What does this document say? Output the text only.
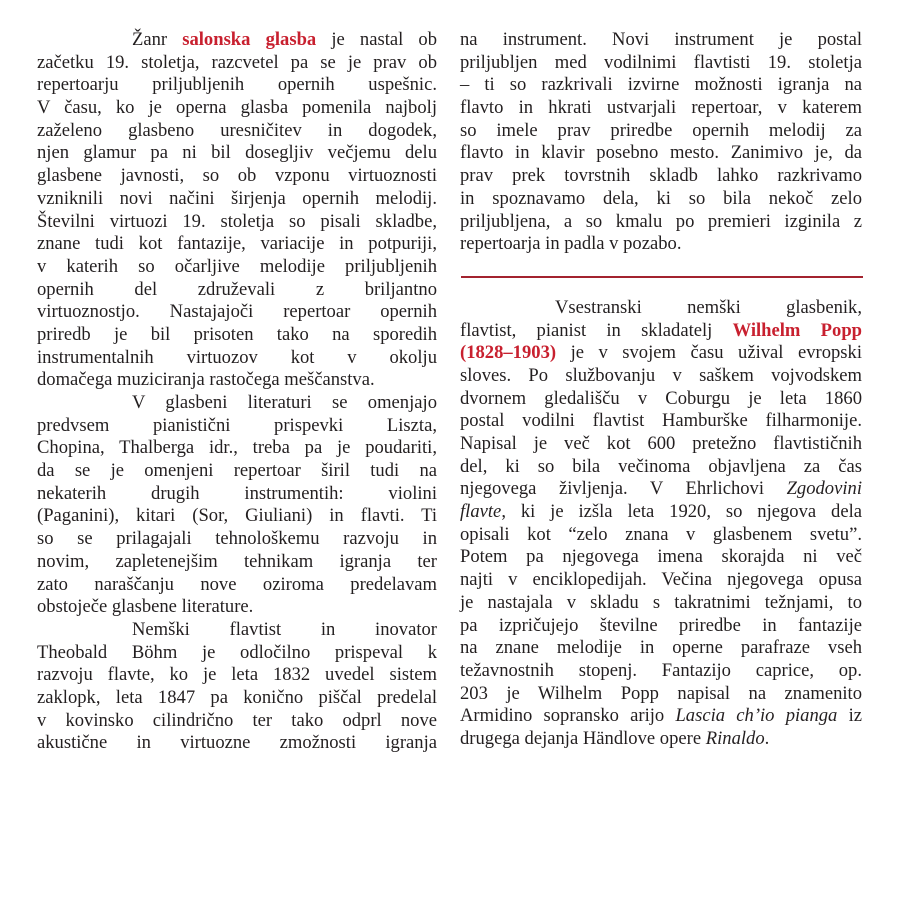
Žanr salonska glasba je nastal ob
začetku 19. stoletja, razcvetel pa se je prav ob
repertoarju priljubljenih opernih uspešnic.
V času, ko je operna glasba pomenila najbolj
zaželeno glasbeno uresničitev in dogodek,
njen glamur pa ni bil dosegljiv večjemu delu
glasbene javnosti, so ob vzponu virtuoznosti
vzniknili novi načini širjenja opernih melodij.
Številni virtuozi 19. stoletja so pisali skladbe,
znane tudi kot fantazije, variacije in potpuriji,
v katerih so očarljive melodije priljubljenih
opernih del združevali z briljantno
virtuoznostjo. Nastajajoči repertoar opernih
priredb je bil prisoten tako na sporedih
instrumentalnih virtuozov kot v okolju
domačega muziciranja rastočega meščanstva.
V glasbeni literaturi se omenjajo
predvsem pianistični prispevki Liszta,
Chopina, Thalberga idr., treba pa je poudariti,
da se je omenjeni repertoar širil tudi na
nekaterih drugih instrumentih: violini
(Paganini), kitari (Sor, Giuliani) in flavti. Ti
so se prilagajali tehnološkemu razvoju in
novim, zapletenejšim tehnikam igranja ter
zato naraščanju nove oziroma predelavam
obstoječe glasbene literature.
Nemški flavtist in inovator
Theobald Böhm je odločilno prispeval k
razvoju flavte, ko je leta 1832 uvedel sistem
zaklopk, leta 1847 pa konično piščal predelal
v kovinsko cilindrično ter tako odprl nove
akustične in virtuozne zmožnosti igranja
na instrument. Novi instrument je postal
priljubljen med vodilnimi flavtisti 19. stoletja
– ti so razkrivali izvirne možnosti igranja na
flavto in hkrati ustvarjali repertoar, v katerem
so imele prav priredbe opernih melodij za
flavto in klavir posebno mesto. Zanimivo je, da
prav prek tovrstnih skladb lahko razkrivamo
in spoznavamo dela, ki so bila nekoč zelo
priljubljena, a so kmalu po premieri izginila z
repertoarja in padla v pozabo.
Vsestranski nemški glasbenik,
flavtist, pianist in skladatelj Wilhelm Popp
(1828–1903) je v svojem času užival evropski
sloves. Po službovanju v saškem vojvodskem
dvornem gledališču v Coburgu je leta 1860
postal vodilni flavtist Hamburške filharmonije.
Napisal je več kot 600 pretežno flavtističnih
del, ki so bila večinoma objavljena za čas
njegovega življenja. V Ehrlichovi Zgodovini
flavte, ki je izšla leta 1920, so njegova dela
opisali kot “zelo znana v glasbenem svetu”.
Potem pa njegovega imena skorajda ni več
najti v enciklopedijah. Večina njegovega opusa
je nastajala v skladu s takratnimi težnjami, to
pa izpričujejo številne priredbe in fantazije
na znane melodije in operne parafraze vseh
težavnostnih stopenj. Fantazijo caprice, op.
203 je Wilhelm Popp napisal na znamenito
Armidino sopransko arijo Lascia ch’io pianga iz
drugega dejanja Händlove opere Rinaldo.
